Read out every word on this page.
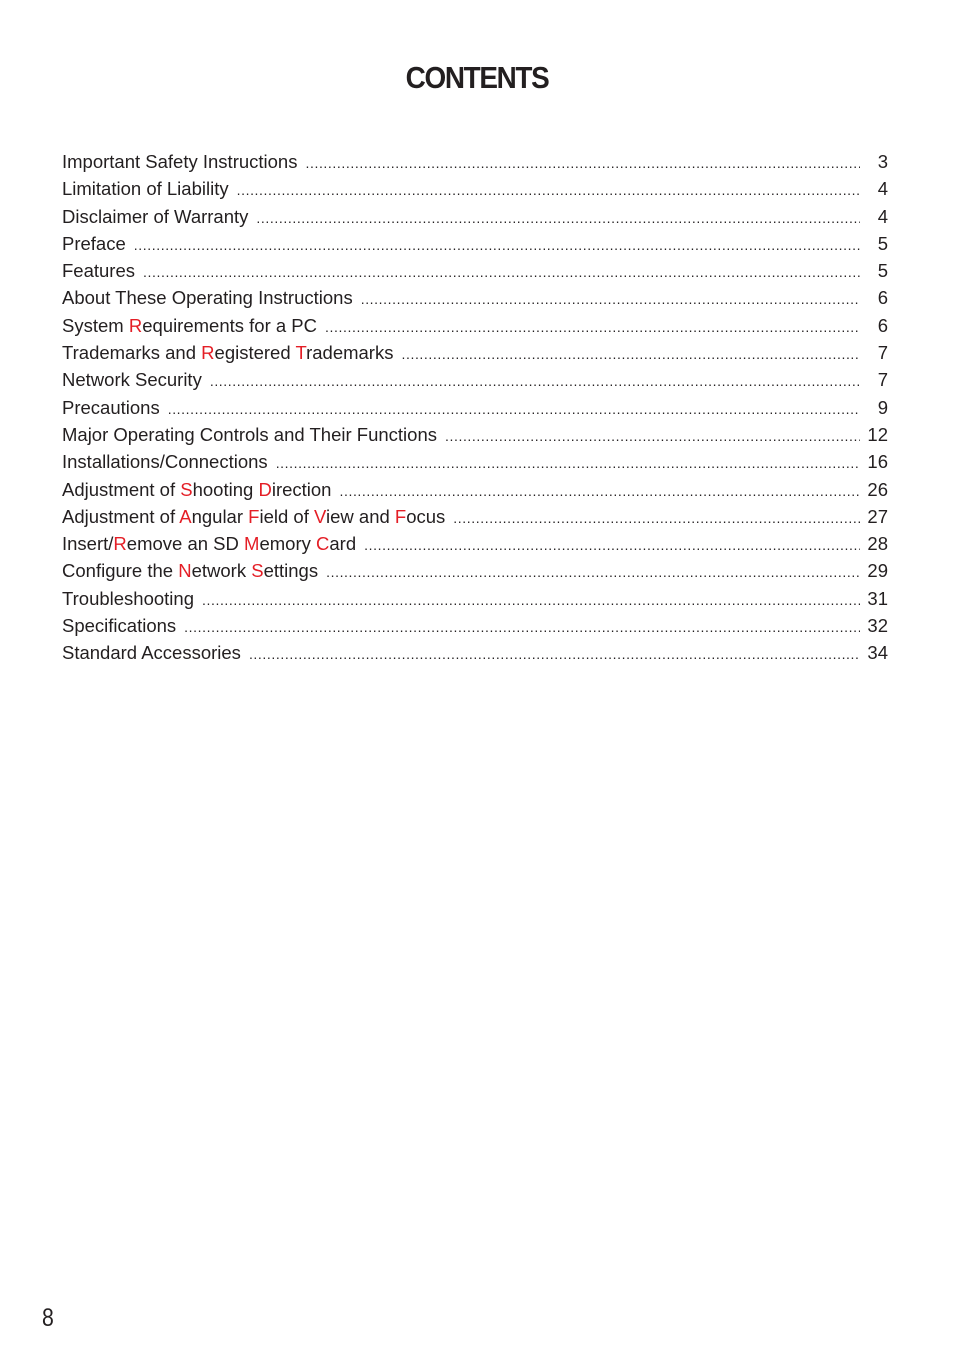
CONTENTS
Important Safety Instructions .....	3
Limitation of Liability .....	4
Disclaimer of Warranty .....	4
Preface .....	5
Features .....	5
About These Operating Instructions .....	6
System Requirements for a PC .....	6
Trademarks and Registered Trademarks .....	7
Network Security .....	7
Precautions .....	9
Major Operating Controls and Their Functions .....	12
Installations/Connections .....	16
Adjustment of Shooting Direction .....	26
Adjustment of Angular Field of View and Focus .....	27
Insert/Remove an SD Memory Card .....	28
Configure the Network Settings .....	29
Troubleshooting .....	31
Specifications .....	32
Standard Accessories .....	34
8
